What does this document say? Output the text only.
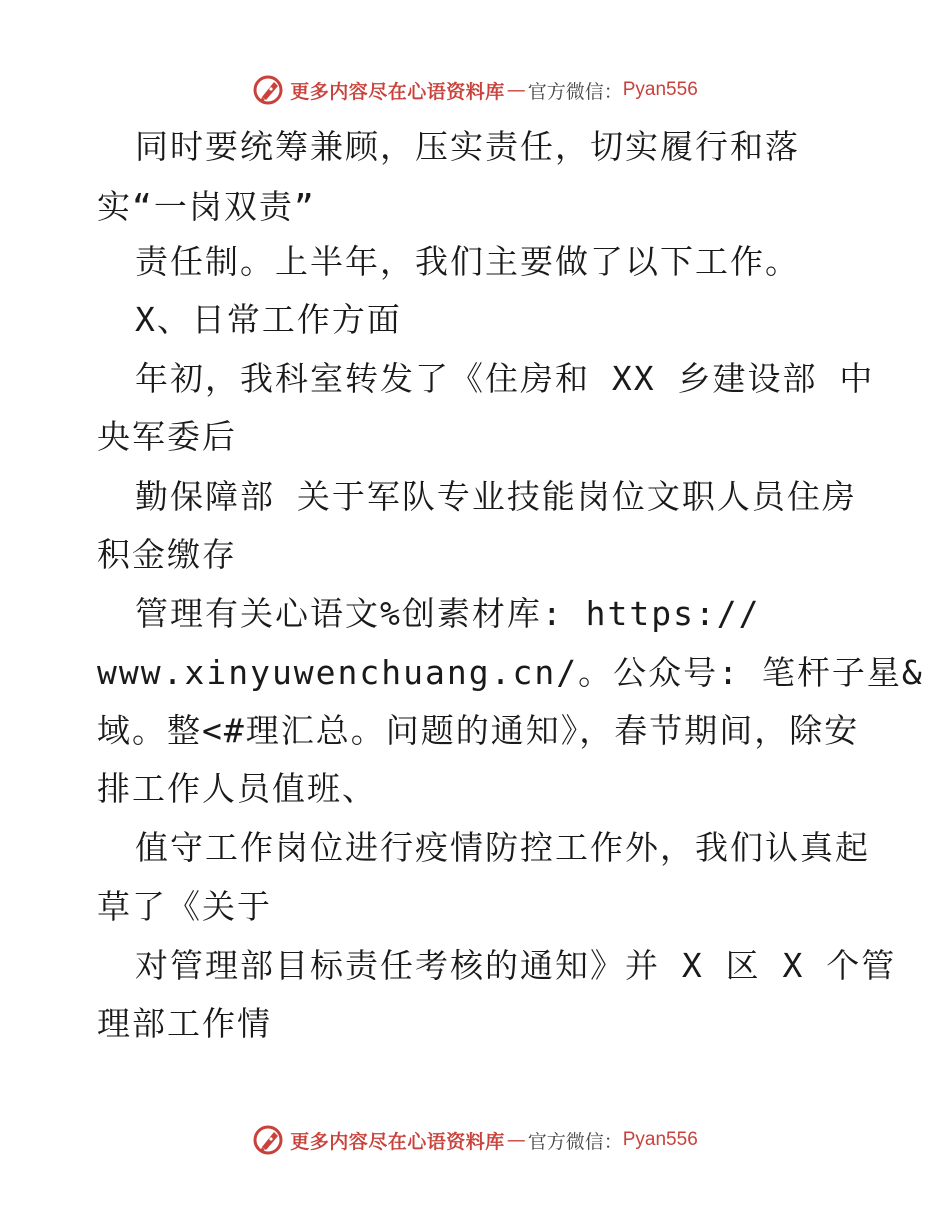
更多内容尽在心语资料库 — 官方微信： Pyan556
同时要统筹兼顾，压实责任，切实履行和落
实“一岗双责”
责任制。上半年，我们主要做了以下工作。
X、日常工作方面
年初，我科室转发了《住房和 XX 乡建设部 中
央军委后
勤保障部 关于军队专业技能岗位文职人员住房
积金缴存
管理有关心语文%创素材库: https://
www.xinyuwenchuang.cn/。公众号: 笔杆子星&
域。整<#理汇总。问题的通知》，春节期间，除安
排工作人员值班、
值守工作岗位进行疫情防控工作外，我们认真起
草了《关于
对管理部目标责任考核的通知》并 X 区 X 个管
理部工作情
更多内容尽在心语资料库 — 官方微信： Pyan556
